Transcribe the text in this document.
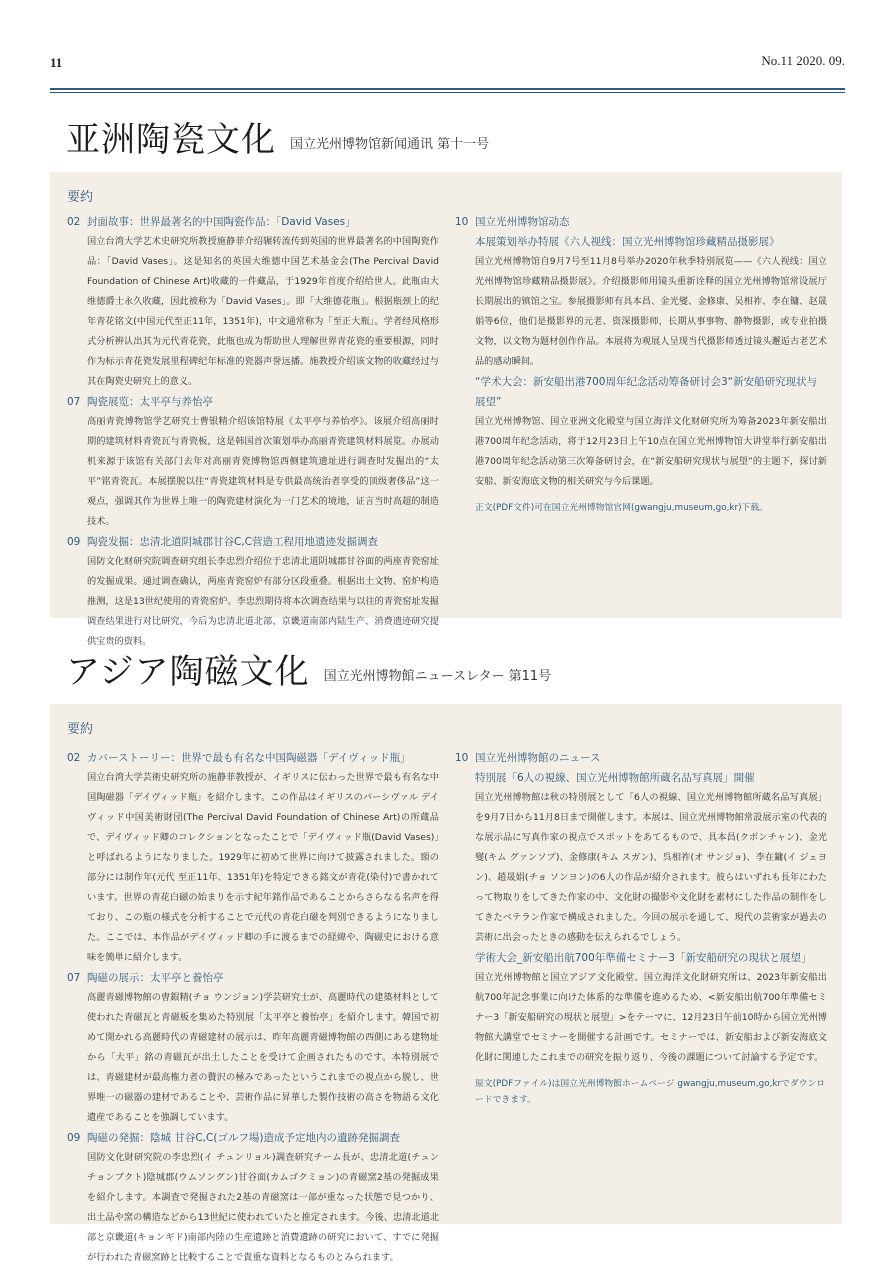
11	No.11 2020. 09.
亚洲陶瓷文化 国立光州博物馆新闻通讯 第十一号
要约
02 封面故事：世界最著名的中国陶瓷作品：「David Vases」
国立台湾大学艺术史研究所教授施静菲介绍辗转流传到英国的世界最著名的中国陶瓷作品：「David Vases」。这是知名的英国大维德中国艺术基金会(The Percival David Foundation of Chinese Art)收藏的一件藏品，于1929年首度介绍给世人。此瓶由大维德爵士永久收藏，因此被称为「David Vases」。即「大维德花瓶」。根据瓶颈上的纪年青花铭文(中国元代至正11年，1351年)，中文通常称为「至正大瓶」。学者经风格形式分析辨认出其为元代青花瓷，此瓶也成为帮助世人理解世界青花瓷的重要根源，同时作为标示青花瓷发展里程碑纪年标准的瓷器声誉远播。施教授介绍该文物的收藏经过与其在陶瓷史研究上的意义。
07 陶瓷展览：太平亭与养怡亭
高丽青瓷博物馆学艺研究士曹银精介绍该馆特展《太平亭与养怡亭》。该展介绍高丽时期的建筑材料青瓷瓦与青瓷板，这是韩国首次策划举办高丽青瓷建筑材料展览。办展动机来源于该馆有关部门去年对高丽青瓷博物馆西侧建筑遗址进行调查时发掘出的“太平”铭青瓷瓦。本展摆脱以往“青瓷建筑材料是专供最高统治者享受的顶级奢侈品”这一观点，强调其作为世界上唯一的陶瓷建材演化为一门艺术的境地，证言当时高超的制造技术。
09 陶瓷发掘：忠清北道阴城郡甘谷C,C营造工程用地遗迹发掘调查
国防文化财研究院调查研究组长李忠烈介绍位于忠清北道阴城郡甘谷面的两座青瓷窑址的发掘成果。通过调查确认，两座青瓷窑炉有部分区段重叠。根据出土文物、窑炉构造推测，这是13世纪使用的青瓷窑炉。李忠烈期待将本次调查结果与以往的青瓷窑址发掘调查结果进行对比研究，今后为忠清北道北部、京畿道南部内陆生产、消费遗迹研究提供宝贵的资料。
10 国立光州博物馆动态
本展策划举办特展《六人视线：国立光州博物馆珍藏精品摄影展》
国立光州博物馆自9月7号至11月8号举办2020年秋季特别展览——《六人视线：国立光州博物馆珍藏精品摄影展》。介绍摄影师用镜头重新诠释的国立光州博物馆常设展厅长期展出的镇馆之宝。参展摄影师有具本昌、金光燮、金修康、吴相祚、李在镛、赵晟娟等6位，他们是摄影界的元老、资深摄影师，长期从事事物、静物摄影，或专业拍摄文物，以文物为题材创作作品。本展将为观展人呈现当代摄影师透过镜头邂逅古老艺术品的感动瞬间。
“学术大会：新安船出港700周年纪念活动筹备研讨会3“新安船研究现状与展望”
国立光州博物馆、国立亚洲文化殿堂与国立海洋文化财研究所为筹备2023年新安船出港700周年纪念活动，将于12月23日上午10点在国立光州博物馆大讲堂举行新安船出港700周年纪念活动第三次筹备研讨会，在“新安船研究现状与展望”的主题下，探讨新安船、新安海底文物的相关研究与今后课题。
正文(PDF文件)可在国立光州博物馆官网(gwangju,museum,go,kr)下载。
アジア陶磁文化 国立光州博物館ニュースレター 第11号
要約
02 カバーストーリー：世界で最も有名な中国陶磁器「デイヴィッド瓶」
国立台湾大学芸術史研究所の施静菲教授が、イギリスに伝わった世界で最も有名な中国陶磁器「デイヴィッド瓶」を紹介します。この作品はイギリスのパーシヴァル デイヴィッド中国美術財団(The Percival David Foundation of Chinese Art)の所蔵品で、デイヴィッド卿のコレクションとなったことで「デイヴィッド瓶(David Vases)」と呼ばれるようになりました。1929年に初めて世界に向けて披露されました。頸の部分には制作年(元代 至正11年、1351年)を特定できる銘文が青花(染付)で書かれています。世界の青花白磁の始まりを示す紀年銘作品であることからさらなる名声を得ており、この瓶の様式を分析することで元代の青花白磁を判別できるようになりました。ここでは、本作品がデイヴィッド卿の手に渡るまでの経緯や、陶磁史における意味を簡単に紹介します。
07 陶磁の展示：太平亭と養怡亭
高麗青磁博物館の曺銀精(チョ ウンジョン)学芸研究士が、高麗時代の建築材料として使われた青磁瓦と青磁板を集めた特別展「太平亭と養怡亭」を紹介します。韓国で初めて開かれる高麗時代の青磁建材の展示は、昨年高麗青磁博物館の西側にある建物址から「大平」銘の青磁瓦が出土したことを受けて企画されたものです。本特別展では、青磁建材が最高権力者の贅沢の極みであったというこれまでの視点から脱し、世界唯一の磁器の建材であることや、芸術作品に昇華した製作技術の高さを物語る文化遺産であることを強調しています。
09 陶磁の発掘：陰城 甘谷C,C(ゴルフ場)造成予定地内の遺跡発掘調査
国防文化財研究院の李忠烈(イ チュンリョル)調査研究チーム長が、忠清北道(チュンチョンブクト)陰城郡(ウムソングン)甘谷面(カムゴクミョン)の青磁窯2基の発掘成果を紹介します。本調査で発掘された2基の青磁窯は一部が重なった状態で見つかり、出土品や窯の構造などから13世紀に使われていたと推定されます。今後、忠清北道北部と京畿道(キョンギド)南部内陸の生産遺跡と消費遺跡の研究において、すでに発掘が行われた青磁窯跡と比較することで貴重な資料となるものとみられます。
10 国立光州博物館のニュース
特別展「6人の視線、国立光州博物館所蔵名品写真展」開催
国立光州博物館は秋の特別展として「6人の視線、国立光州博物館所蔵名品写真展」を9月7日から11月8日まで開催します。本展は、国立光州博物館常設展示室の代表的な展示品に写真作家の視点でスポットをあてるもので、具本昌(クボンチャン)、金光燮(キム グァンソプ)、金修康(キム スガン)、呉相祚(オ サンジョ)、李在鏞(イ ジェヨン)、趙晟娟(チョ ソンヨン)の6人の作品が紹介されます。彼らはいずれも長年にわたって物取りをしてきた作家の中、文化財の撮影や文化財を素材にした作品の制作をしてきたベテラン作家で構成されました。今回の展示を通して、現代の芸術家が過去の芸術に出会ったときの感動を伝えられるでしょう。
学術大会_新安船出航700年準備セミナー3「新安船研究の現状と展望」
国立光州博物館と国立アジア文化殿堂、国立海洋文化財研究所は、2023年新安船出航700年記念事業に向けた体系的な準備を進めるため、<新安船出航700年準備セミナー3「新安船研究の現状と展望」>をテーマに、12月23日午前10時から国立光州博物館大講堂でセミナーを開催する計画です。セミナーでは、新安船および新安海底文化財に関連したこれまでの研究を振り返り、今後の課題について討論する予定です。
原文(PDFファイル)は国立光州博物館ホームページ gwangju,museum,go,krでダウンロードできます。
